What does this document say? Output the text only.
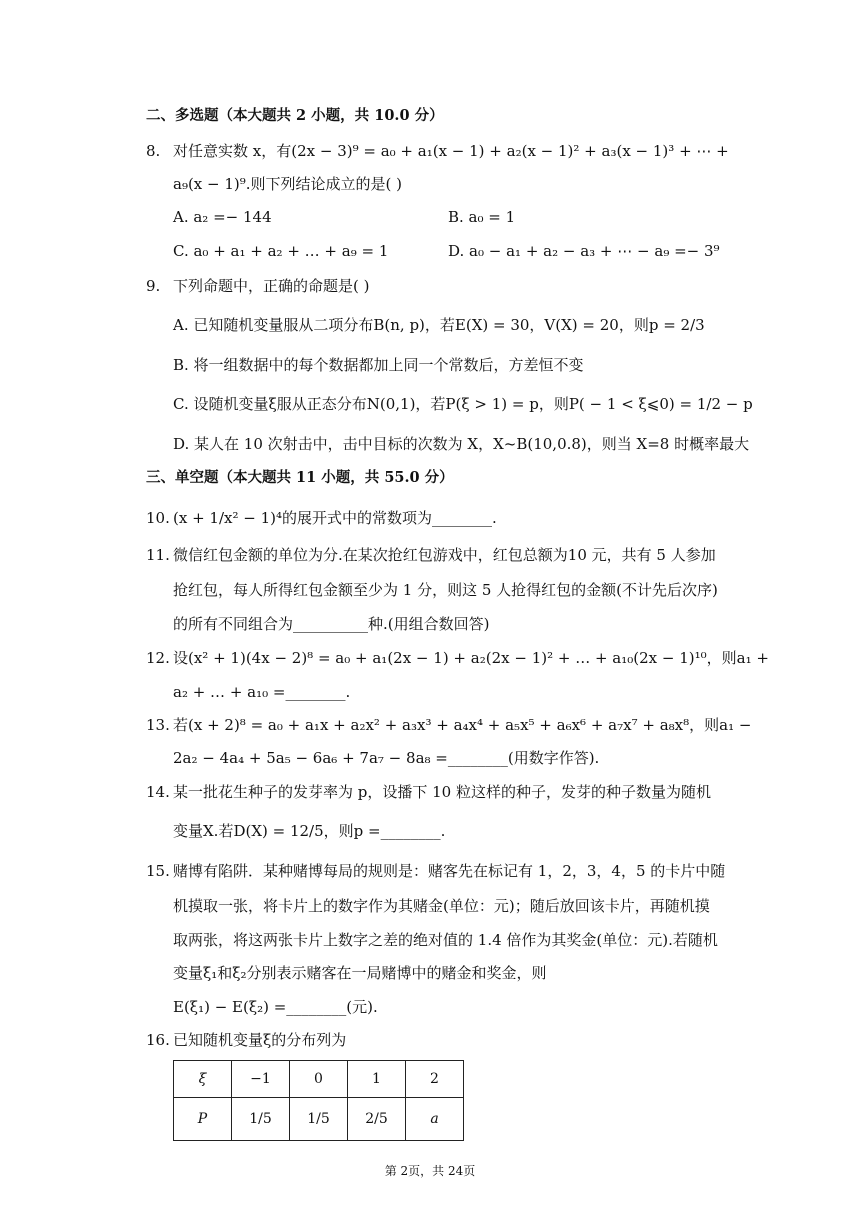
二、多选题（本大题共 2 小题，共 10.0 分）
8. 对任意实数 x，有(2x − 3)⁹ = a₀ + a₁(x − 1) + a₂(x − 1)² + a₃(x − 1)³ + ⋯ +
a₉(x − 1)⁹.则下列结论成立的是( )
A. a₂ =− 144	B. a₀ = 1
C. a₀ + a₁ + a₂ + … + a₉ = 1	D. a₀ − a₁ + a₂ − a₃ + ⋯ − a₉ =− 3⁹
9. 下列命题中，正确的命题是( )
A. 已知随机变量服从二项分布B(n, p)，若E(X) = 30，V(X) = 20，则p = 2/3
B. 将一组数据中的每个数据都加上同一个常数后，方差恒不变
C. 设随机变量ξ服从正态分布N(0,1)，若P(ξ > 1) = p，则P( − 1 < ξ⩽0) = 1/2 − p
D. 某人在 10 次射击中，击中目标的次数为 X，X~B(10,0.8)，则当 X=8 时概率最大
三、单空题（本大题共 11 小题，共 55.0 分）
10. (x + 1/x² − 1)⁴的展开式中的常数项为________.
11. 微信红包金额的单位为分.在某次抢红包游戏中，红包总额为10 元，共有 5 人参加
抢红包，每人所得红包金额至少为 1 分，则这 5 人抢得红包的金额(不计先后次序)
的所有不同组合为__________种.(用组合数回答)
12. 设(x² + 1)(4x − 2)⁸ = a₀ + a₁(2x − 1) + a₂(2x − 1)² + … + a₁₀(2x − 1)¹⁰，则a₁ +
a₂ + … + a₁₀ =________.
13. 若(x + 2)⁸ = a₀ + a₁x + a₂x² + a₃x³ + a₄x⁴ + a₅x⁵ + a₆x⁶ + a₇x⁷ + a₈x⁸，则a₁ −
2a₂ − 4a₄ + 5a₅ − 6a₆ + 7a₇ − 8a₈ =________(用数字作答).
14. 某一批花生种子的发芽率为 p，设播下 10 粒这样的种子，发芽的种子数量为随机
变量X.若D(X) = 12/5，则p =________.
15. 赌博有陷阱．某种赌博每局的规则是：赌客先在标记有 1，2，3，4，5 的卡片中随
机摸取一张，将卡片上的数字作为其赌金(单位：元)；随后放回该卡片，再随机摸
取两张，将这两张卡片上数字之差的绝对值的 1.4 倍作为其奖金(单位：元).若随机
变量ξ₁和ξ₂分别表示赌客在一局赌博中的赌金和奖金，则
E(ξ₁) − E(ξ₂) =________(元).
16. 已知随机变量ξ的分布列为
ξ	−1	0	1	2
P	1/5	1/5	2/5	a
第 2页，共 24页
